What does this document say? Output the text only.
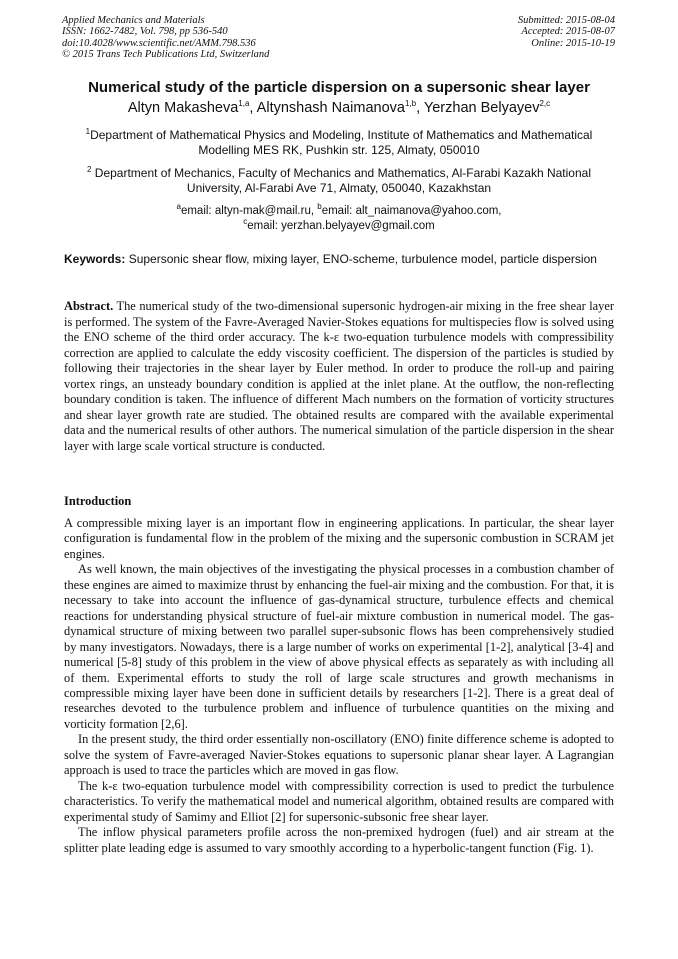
Applied Mechanics and Materials
ISSN: 1662-7482, Vol. 798, pp 536-540
doi:10.4028/www.scientific.net/AMM.798.536
© 2015 Trans Tech Publications Ltd, Switzerland
Submitted: 2015-08-04
Accepted: 2015-08-07
Online: 2015-10-19
Numerical study of the particle dispersion on a supersonic shear layer
Altyn Makasheva$^{1,a}$, Altynshash Naimanova$^{1,b}$, Yerzhan Belyayev$^{2,c}$
$^1$Department of Mathematical Physics and Modeling, Institute of Mathematics and Mathematical Modelling MES RK, Pushkin str. 125, Almaty, 050010
$^2$ Department of Mechanics, Faculty of Mechanics and Mathematics, Al-Farabi Kazakh National University, Al-Farabi Ave 71, Almaty, 050040, Kazakhstan
$^a$email: altyn-mak@mail.ru, $^b$email: alt_naimanova@yahoo.com,
$^c$email: yerzhan.belyayev@gmail.com
Keywords: Supersonic shear flow, mixing layer, ENO-scheme, turbulence model, particle dispersion
Abstract. The numerical study of the two-dimensional supersonic hydrogen-air mixing in the free shear layer is performed. The system of the Favre-Averaged Navier-Stokes equations for multispecies flow is solved using the ENO scheme of the third order accuracy. The k-ε two-equation turbulence models with compressibility correction are applied to calculate the eddy viscosity coefficient. The dispersion of the particles is studied by following their trajectories in the shear layer by Euler method. In order to produce the roll-up and pairing vortex rings, an unsteady boundary condition is applied at the inlet plane. At the outflow, the non-reflecting boundary condition is taken. The influence of different Mach numbers on the formation of vorticity structures and shear layer growth rate are studied. The obtained results are compared with the available experimental data and the numerical results of other authors. The numerical simulation of the particle dispersion in the shear layer with large scale vortical structure is conducted.
Introduction

A compressible mixing layer is an important flow in engineering applications. In particular, the shear layer configuration is fundamental flow in the problem of the mixing and the supersonic combustion in SCRAM jet engines.

As well known, the main objectives of the investigating the physical processes in a combustion chamber of these engines are aimed to maximize thrust by enhancing the fuel-air mixing and the combustion. For that, it is necessary to take into account the influence of gas-dynamical structure, turbulence effects and chemical reactions for understanding physical structure of fuel-air mixture combustion in numerical model. The gas-dynamical structure of mixing between two parallel super-subsonic flows has been comprehensively studied by many investigators. Nowadays, there is a large number of works on experimental [1-2], analytical [3-4] and numerical [5-8] study of this problem in the view of above physical effects as separately as with including all of them. Experimental efforts to study the roll of large scale structures and growth mechanisms in compressible mixing layer have been done in sufficient details by researchers [1-2]. There is a great deal of researches devoted to the turbulence problem and influence of turbulence quantities on the mixing and vorticity formation [2,6].

In the present study, the third order essentially non-oscillatory (ENO) finite difference scheme is adopted to solve the system of Favre-averaged Navier-Stokes equations to supersonic planar shear layer. A Lagrangian approach is used to trace the particles which are moved in gas flow.

The k-ε two-equation turbulence model with compressibility correction is used to predict the turbulence characteristics. To verify the mathematical model and numerical algorithm, obtained results are compared with experimental study of Samimy and Elliot [2] for supersonic-subsonic free shear layer.

The inflow physical parameters profile across the non-premixed hydrogen (fuel) and air stream at the splitter plate leading edge is assumed to vary smoothly according to a hyperbolic-tangent function (Fig. 1).
